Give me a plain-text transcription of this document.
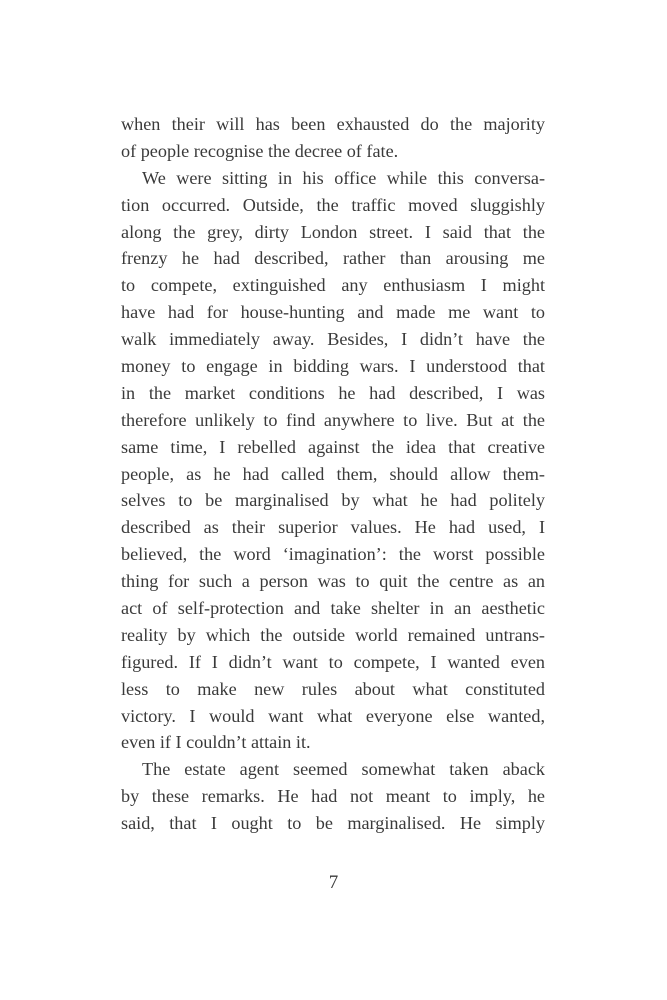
when their will has been exhausted do the majority
of people recognise the decree of fate.
We were sitting in his office while this conversa-
tion occurred. Outside, the traffic moved sluggishly
along the grey, dirty London street. I said that the
frenzy he had described, rather than arousing me
to compete, extinguished any enthusiasm I might
have had for house-hunting and made me want to
walk immediately away. Besides, I didn’t have the
money to engage in bidding wars. I understood that
in the market conditions he had described, I was
therefore unlikely to find anywhere to live. But at the
same time, I rebelled against the idea that creative
people, as he had called them, should allow them-
selves to be marginalised by what he had politely
described as their superior values. He had used, I
believed, the word ‘imagination’: the worst possible
thing for such a person was to quit the centre as an
act of self-protection and take shelter in an aesthetic
reality by which the outside world remained untrans-
figured. If I didn’t want to compete, I wanted even
less to make new rules about what constituted
victory. I would want what everyone else wanted,
even if I couldn’t attain it.
The estate agent seemed somewhat taken aback
by these remarks. He had not meant to imply, he
said, that I ought to be marginalised. He simply
7
